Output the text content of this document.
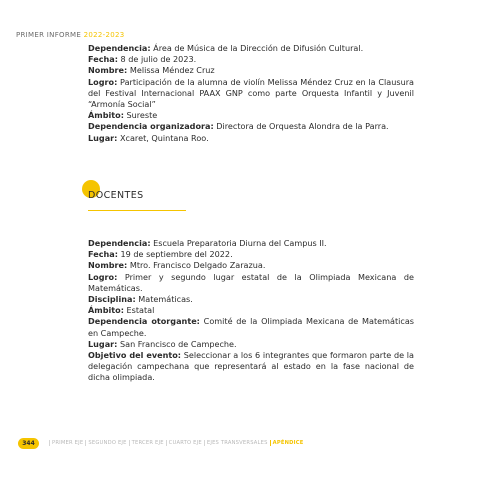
PRIMER INFORME 2022-2023
Dependencia: Área de Música de la Dirección de Difusión Cultural.
Fecha: 8 de julio de 2023.
Nombre: Melissa Méndez Cruz
Logro: Participación de la alumna de violín Melissa Méndez Cruz en la Clausura del Festival Internacional PAAX GNP como parte Orquesta Infantil y Juvenil “Armonía Social”
Ámbito: Sureste
Dependencia organizadora: Directora de Orquesta Alondra de la Parra.
Lugar: Xcaret, Quintana Roo.
DOCENTES
Dependencia: Escuela Preparatoria Diurna del Campus II.
Fecha: 19 de septiembre del 2022.
Nombre: Mtro. Francisco Delgado Zarazua.
Logro: Primer y segundo lugar estatal de la Olimpiada Mexicana de Matemáticas.
Disciplina: Matemáticas.
Ámbito: Estatal
Dependencia otorgante: Comité de la Olimpiada Mexicana de Matemáticas en Campeche.
Lugar: San Francisco de Campeche.
Objetivo del evento: Seleccionar a los 6 integrantes que formaron parte de la delegación campechana que representará al estado en la fase nacional de dicha olimpiada.
344	PRIMER EJE SEGUNDO EJE TERCER EJE CUARTO EJE EJES TRANSVERSALES APÉNDICE
